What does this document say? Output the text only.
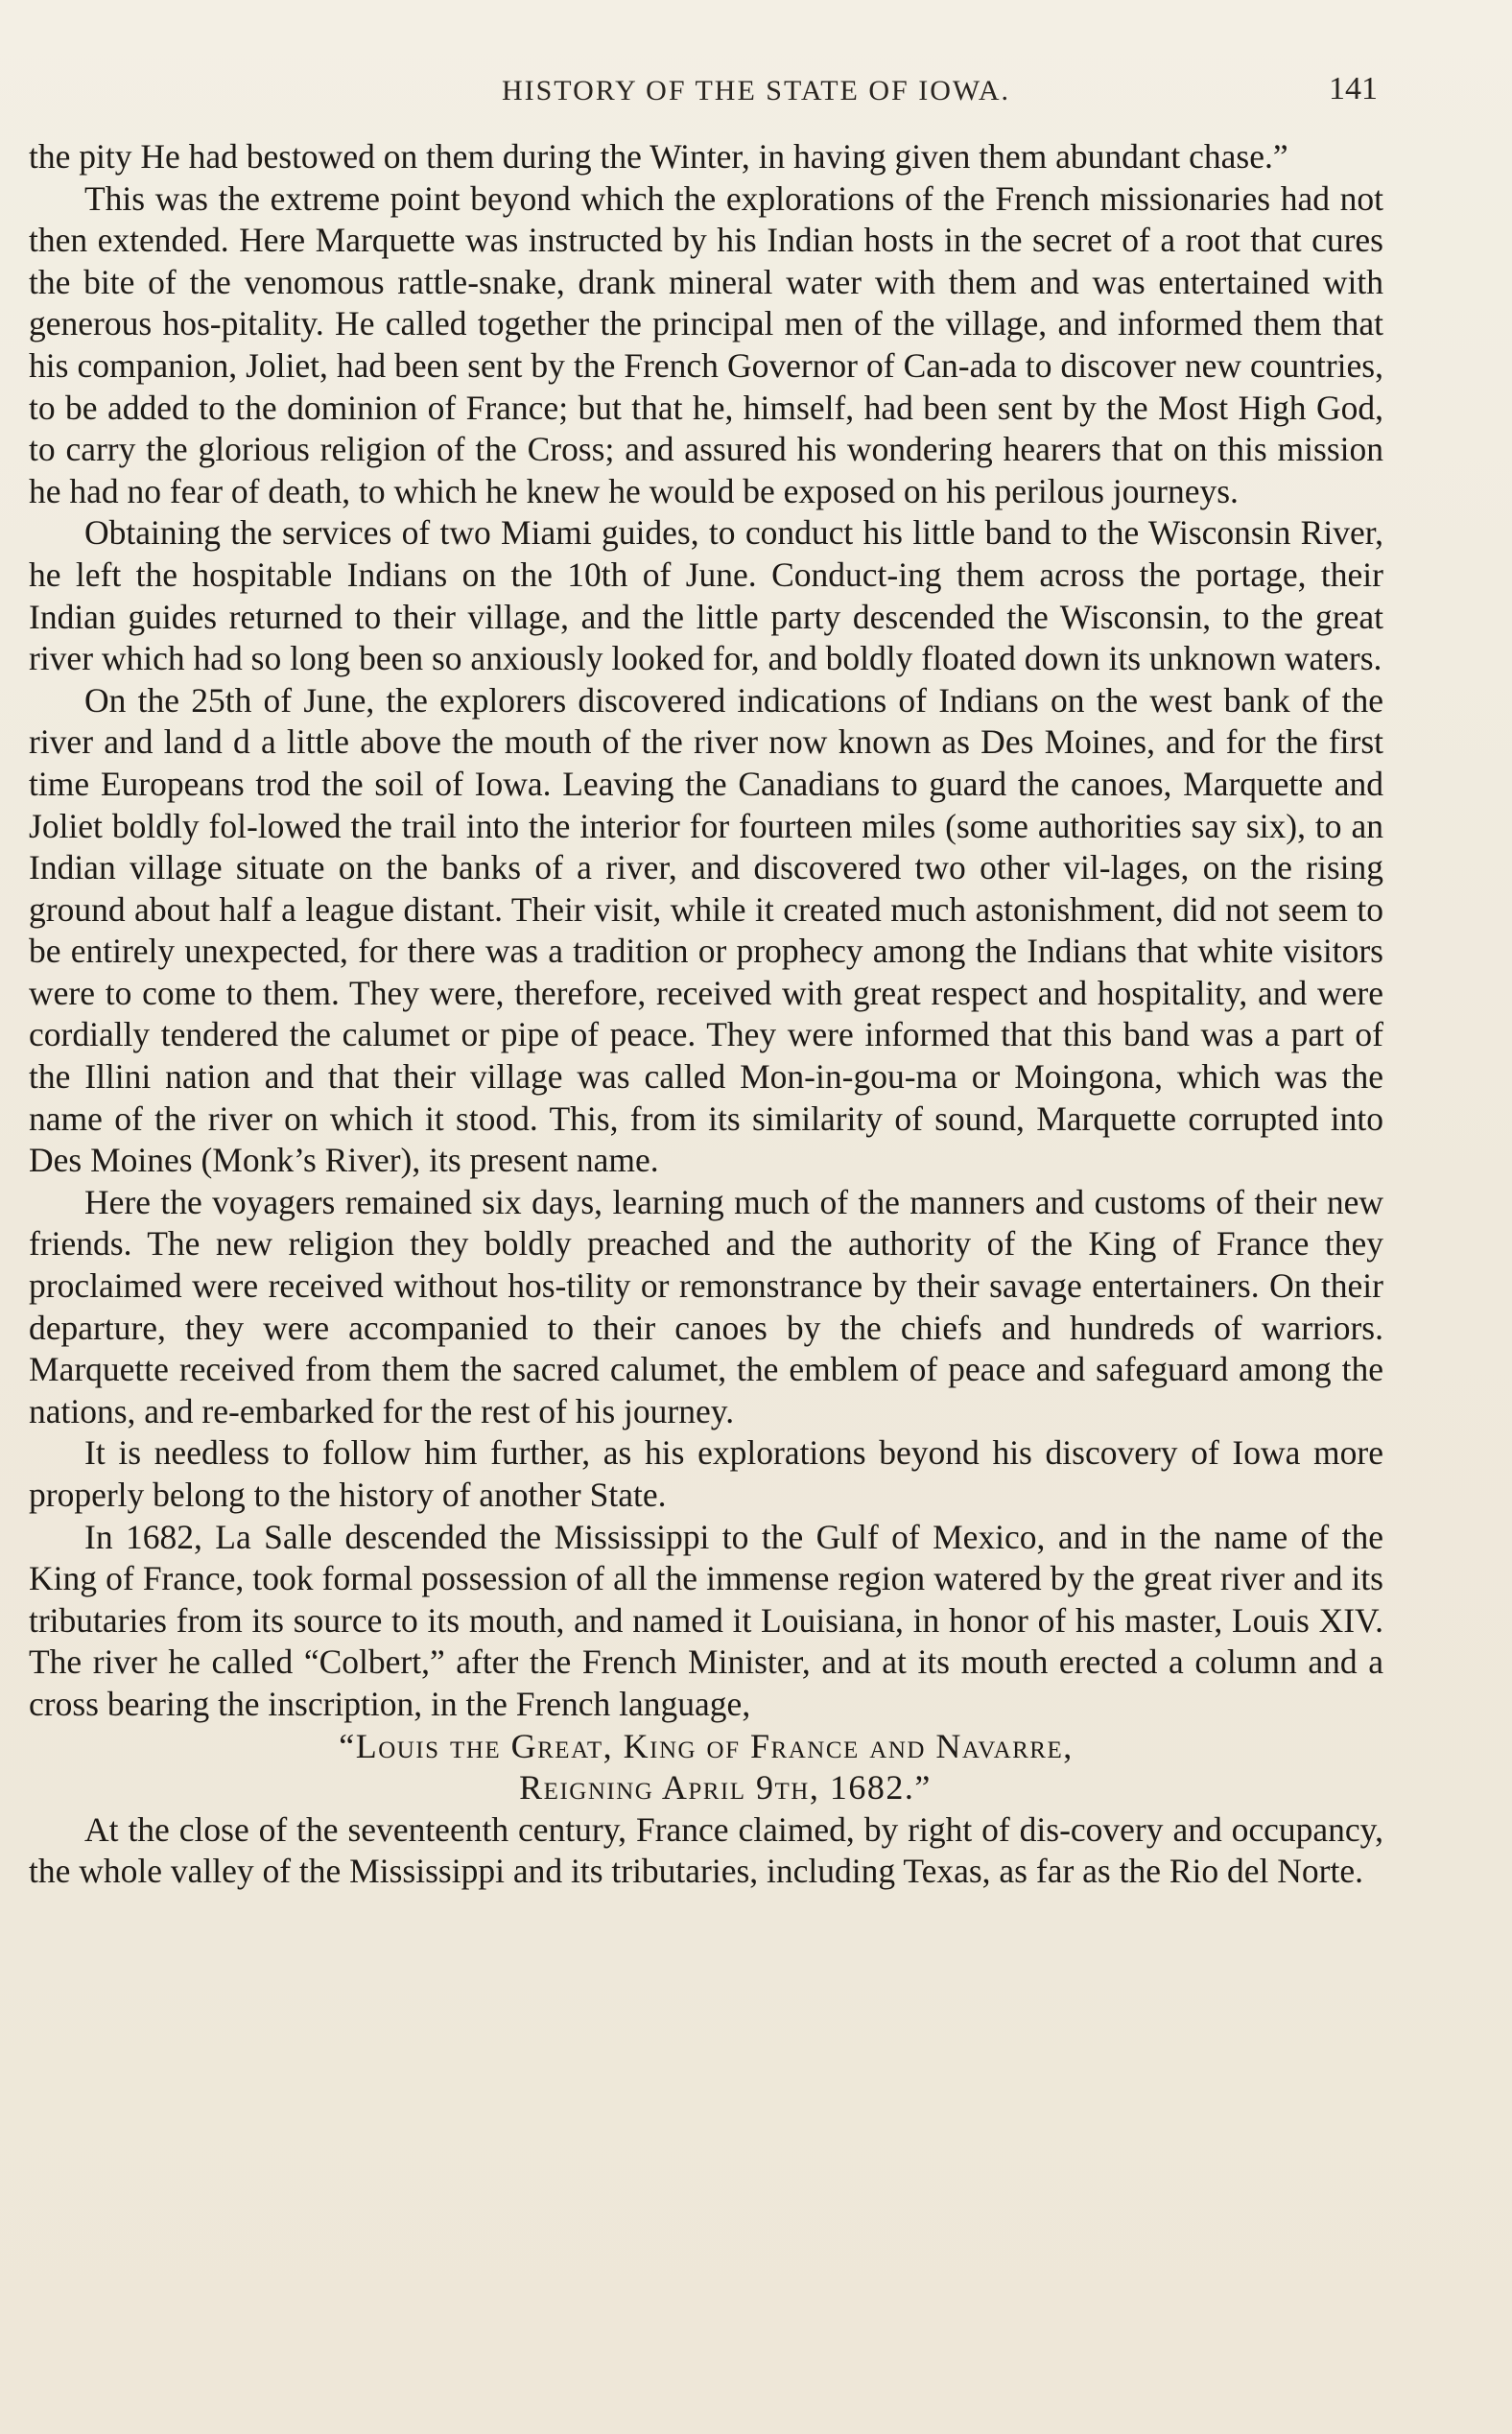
HISTORY OF THE STATE OF IOWA.	141

the pity He had bestowed on them during the Winter, in having given them abundant chase.”

This was the extreme point beyond which the explorations of the French missionaries had not then extended. Here Marquette was instructed by his Indian hosts in the secret of a root that cures the bite of the venomous rattle-snake, drank mineral water with them and was entertained with generous hos-pitality. He called together the principal men of the village, and informed them that his companion, Joliet, had been sent by the French Governor of Can-ada to discover new countries, to be added to the dominion of France; but that he, himself, had been sent by the Most High God, to carry the glorious religion of the Cross; and assured his wondering hearers that on this mission he had no fear of death, to which he knew he would be exposed on his perilous journeys.

Obtaining the services of two Miami guides, to conduct his little band to the Wisconsin River, he left the hospitable Indians on the 10th of June. Conduct-ing them across the portage, their Indian guides returned to their village, and the little party descended the Wisconsin, to the great river which had so long been so anxiously looked for, and boldly floated down its unknown waters.

On the 25th of June, the explorers discovered indications of Indians on the west bank of the river and land d a little above the mouth of the river now known as Des Moines, and for the first time Europeans trod the soil of Iowa. Leaving the Canadians to guard the canoes, Marquette and Joliet boldly fol-lowed the trail into the interior for fourteen miles (some authorities say six), to an Indian village situate on the banks of a river, and discovered two other vil-lages, on the rising ground about half a league distant. Their visit, while it created much astonishment, did not seem to be entirely unexpected, for there was a tradition or prophecy among the Indians that white visitors were to come to them. They were, therefore, received with great respect and hospitality, and were cordially tendered the calumet or pipe of peace. They were informed that this band was a part of the Illini nation and that their village was called Mon-in-gou-ma or Moingona, which was the name of the river on which it stood. This, from its similarity of sound, Marquette corrupted into Des Moines (Monk’s River), its present name.

Here the voyagers remained six days, learning much of the manners and customs of their new friends. The new religion they boldly preached and the authority of the King of France they proclaimed were received without hos-tility or remonstrance by their savage entertainers. On their departure, they were accompanied to their canoes by the chiefs and hundreds of warriors. Marquette received from them the sacred calumet, the emblem of peace and safeguard among the nations, and re-embarked for the rest of his journey.

It is needless to follow him further, as his explorations beyond his discovery of Iowa more properly belong to the history of another State.

In 1682, La Salle descended the Mississippi to the Gulf of Mexico, and in the name of the King of France, took formal possession of all the immense region watered by the great river and its tributaries from its source to its mouth, and named it Louisiana, in honor of his master, Louis XIV. The river he called “Colbert,” after the French Minister, and at its mouth erected a column and a cross bearing the inscription, in the French language,

“Louis the Great, King of France and Navarre,
Reigning April 9th, 1682.”

At the close of the seventeenth century, France claimed, by right of dis-covery and occupancy, the whole valley of the Mississippi and its tributaries, including Texas, as far as the Rio del Norte.
